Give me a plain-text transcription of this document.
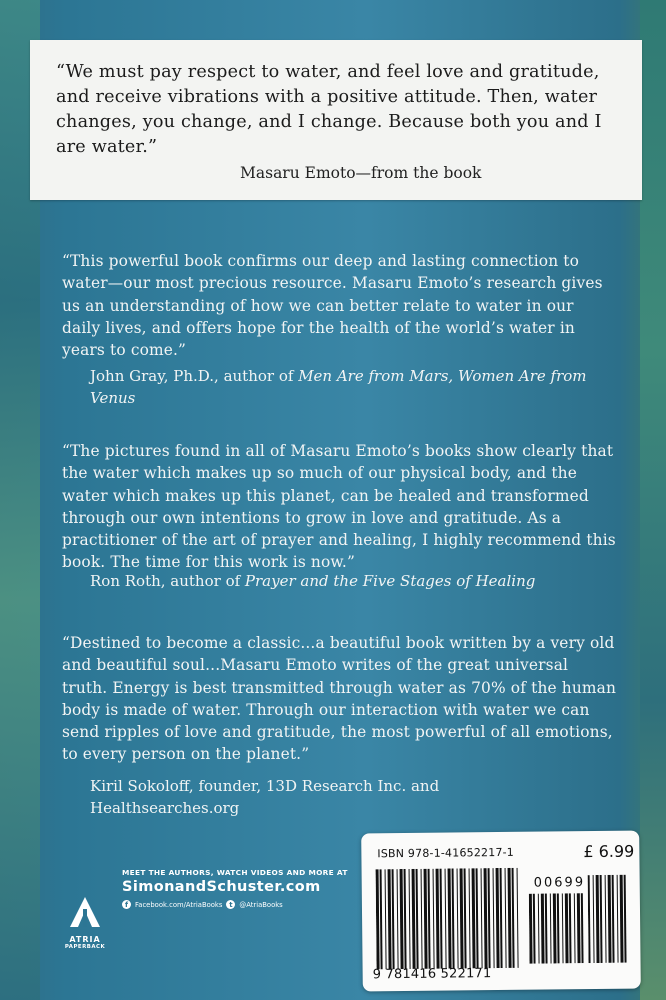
“We must pay respect to water, and feel love and gratitude, and receive vibrations with a positive attitude. Then, water changes, you change, and I change. Because both you and I are water.”
Masaru Emoto—from the book
“This powerful book confirms our deep and lasting connection to water—our most precious resource. Masaru Emoto’s research gives us an understanding of how we can better relate to water in our daily lives, and offers hope for the health of the world’s water in years to come.”
John Gray, Ph.D., author of Men Are from Mars, Women Are from Venus
“The pictures found in all of Masaru Emoto’s books show clearly that the water which makes up so much of our physical body, and the water which makes up this planet, can be healed and transformed through our own intentions to grow in love and gratitude. As a practitioner of the art of prayer and healing, I highly recommend this book. The time for this work is now.”
Ron Roth, author of Prayer and the Five Stages of Healing
“Destined to become a classic...a beautiful book written by a very old and beautiful soul...Masaru Emoto writes of the great universal truth. Energy is best transmitted through water as 70% of the human body is made of water. Through our interaction with water we can send ripples of love and gratitude, the most powerful of all emotions, to every person on the planet.”
Kiril Sokoloff, founder, 13D Research Inc. and Healthsearches.org
ATRIA
PAPERBACK
MEET THE AUTHORS, WATCH VIDEOS AND MORE AT
SimonandSchuster.com
f	Facebook.com/AtriaBooks t	@AtriaBooks
ISBN 978-1-41652217-1	£ 6.99
9 781416 522171
00699
